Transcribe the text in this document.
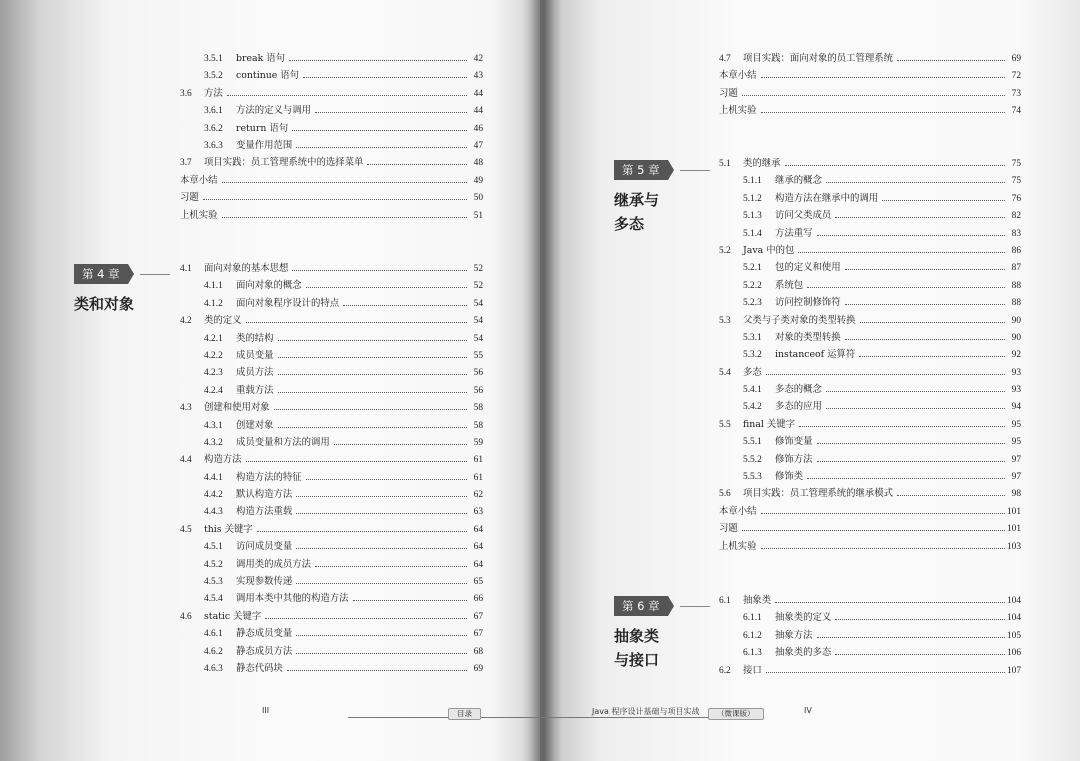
3.5.1	break 语句	42
3.5.2	continue 语句	43
3.6	方法	44
3.6.1	方法的定义与调用	44
3.6.2	return 语句	46
3.6.3	变量作用范围	47
3.7	项目实践：员工管理系统中的选择菜单	48
本章小结	49
习题	50
上机实验	51
第 4 章
类和对象
4.1	面向对象的基本思想	52
4.1.1	面向对象的概念	52
4.1.2	面向对象程序设计的特点	54
4.2	类的定义	54
4.2.1	类的结构	54
4.2.2	成员变量	55
4.2.3	成员方法	56
4.2.4	重载方法	56
4.3	创建和使用对象	58
4.3.1	创建对象	58
4.3.2	成员变量和方法的调用	59
4.4	构造方法	61
4.4.1	构造方法的特征	61
4.4.2	默认构造方法	62
4.4.3	构造方法重载	63
4.5	this 关键字	64
4.5.1	访问成员变量	64
4.5.2	调用类的成员方法	64
4.5.3	实现参数传递	65
4.5.4	调用本类中其他的构造方法	66
4.6	static 关键字	67
4.6.1	静态成员变量	67
4.6.2	静态成员方法	68
4.6.3	静态代码块	69
III	目录
4.7	项目实践：面向对象的员工管理系统	69
本章小结	72
习题	73
上机实验	74
第 5 章
继承与
多态
5.1	类的继承	75
5.1.1	继承的概念	75
5.1.2	构造方法在继承中的调用	76
5.1.3	访问父类成员	82
5.1.4	方法重写	83
5.2	Java 中的包	86
5.2.1	包的定义和使用	87
5.2.2	系统包	88
5.2.3	访问控制修饰符	88
5.3	父类与子类对象的类型转换	90
5.3.1	对象的类型转换	90
5.3.2	instanceof 运算符	92
5.4	多态	93
5.4.1	多态的概念	93
5.4.2	多态的应用	94
5.5	final 关键字	95
5.5.1	修饰变量	95
5.5.2	修饰方法	97
5.5.3	修饰类	97
5.6	项目实践：员工管理系统的继承模式	98
本章小结	101
习题	101
上机实验	103
第 6 章
抽象类
与接口
6.1	抽象类	104
6.1.1	抽象类的定义	104
6.1.2	抽象方法	105
6.1.3	抽象类的多态	106
6.2	接口	107
Java 程序设计基础与项目实战	（微课版）	IV
